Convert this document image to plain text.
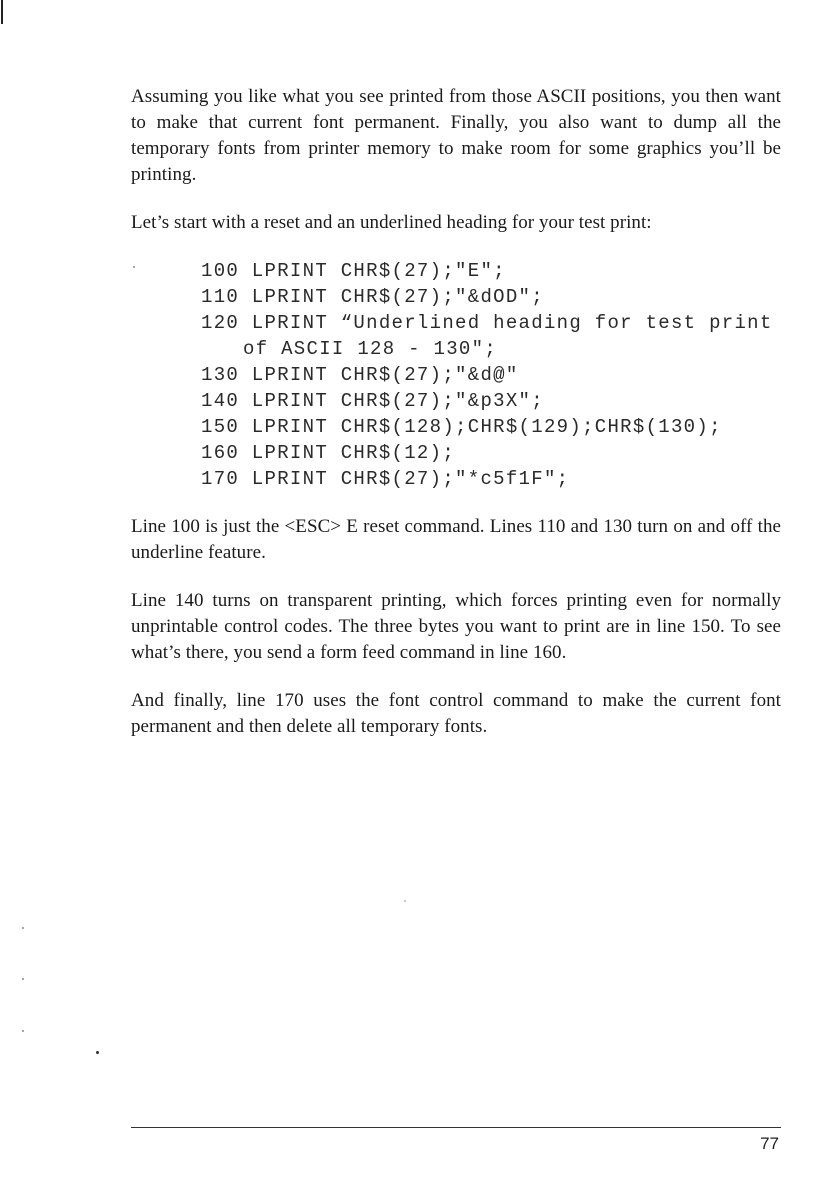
Assuming you like what you see printed from those ASCII positions, you then want to make that current font permanent. Finally, you also want to dump all the temporary fonts from printer memory to make room for some graphics you’ll be printing.

Let’s start with a reset and an underlined heading for your test print:

100 LPRINT CHR$(27);"E";
110 LPRINT CHR$(27);"&dOD";
120 LPRINT “Underlined heading for test print
of ASCII 128 - 130";
130 LPRINT CHR$(27);"&d@"
140 LPRINT CHR$(27);"&p3X";
150 LPRINT CHR$(128);CHR$(129);CHR$(130);
160 LPRINT CHR$(12);
170 LPRINT CHR$(27);"*c5f1F";

Line 100 is just the <ESC> E reset command. Lines 110 and 130 turn on and off the underline feature.

Line 140 turns on transparent printing, which forces printing even for normally unprintable control codes. The three bytes you want to print are in line 150. To see what’s there, you send a form feed command in line 160.

And finally, line 170 uses the font control command to make the current font permanent and then delete all temporary fonts.

77
